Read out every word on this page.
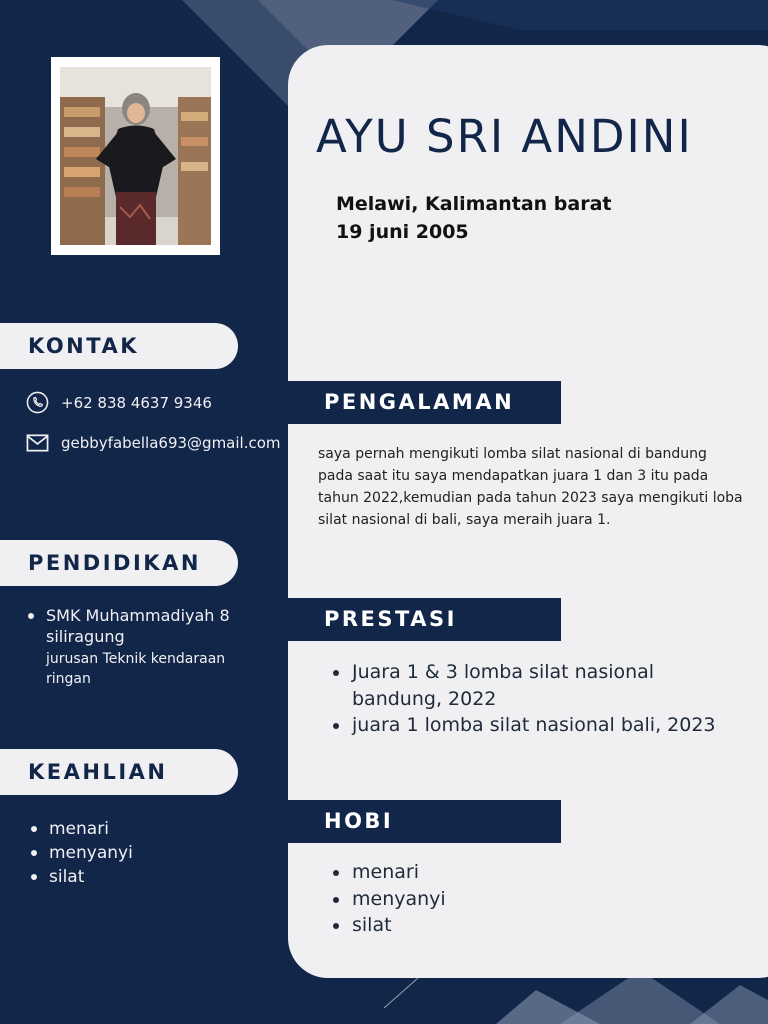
AYU SRI ANDINI

Melawi, Kalimantan barat

19 juni 2005

KONTAK
+62 838 4637 9346
gebbyfabella693@gmail.com
PENDIDIKAN
SMK Muhammadiyah 8 siliragung
jurusan Teknik kendaraan ringan
KEAHLIAN
menari
menyanyi
silat
PENGALAMAN

saya pernah mengikuti lomba silat nasional di bandung pada saat itu saya mendapatkan juara 1 dan 3 itu pada tahun 2022,kemudian pada tahun 2023 saya mengikuti loba silat nasional di bali, saya meraih juara 1.

PRESTASI
Juara 1 & 3 lomba silat nasional bandung, 2022
juara 1 lomba silat nasional bali, 2023
HOBI
menari
menyanyi
silat
